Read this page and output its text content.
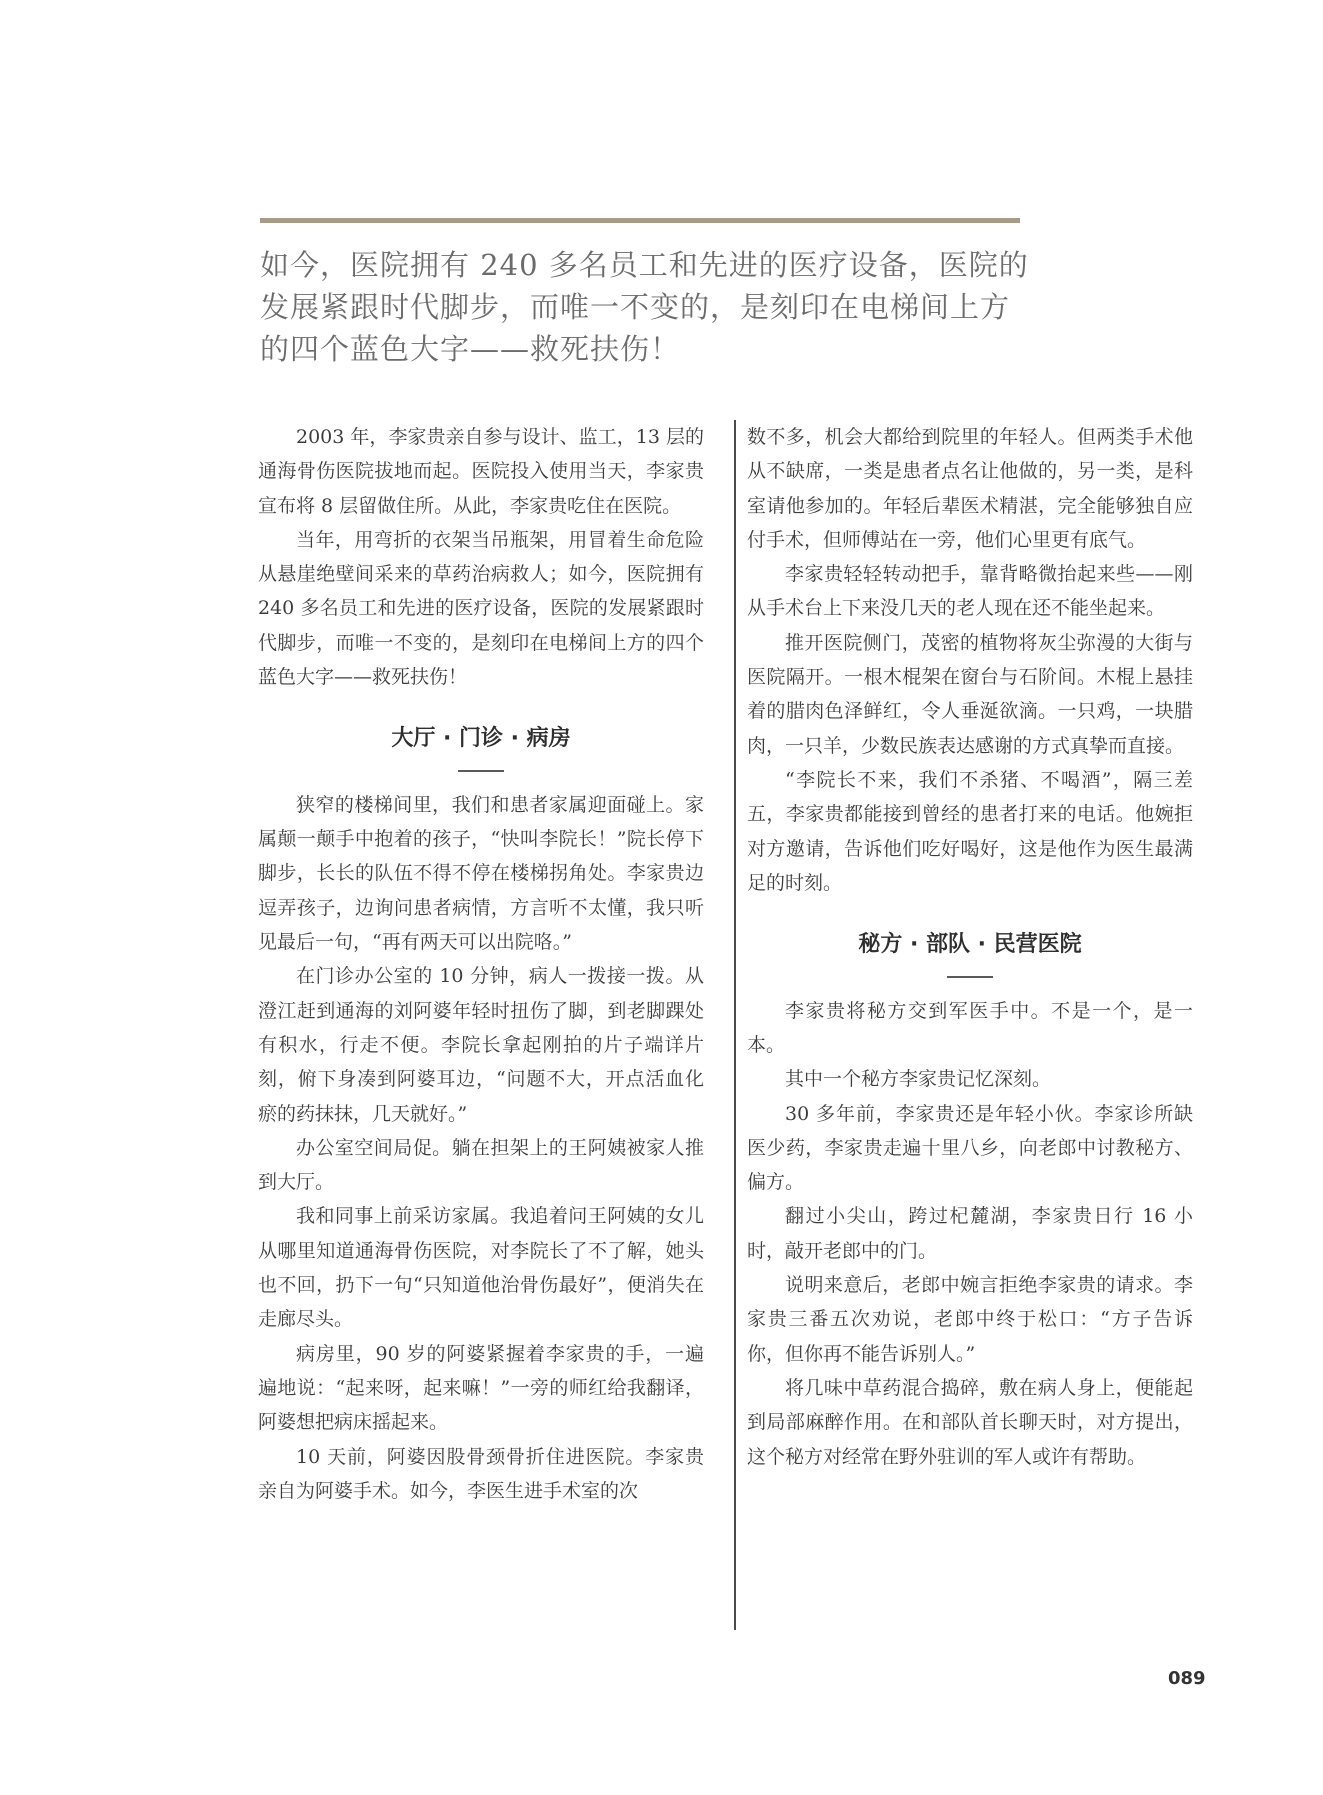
如今，医院拥有 240 多名员工和先进的医疗设备，医院的发展紧跟时代脚步，而唯一不变的，是刻印在电梯间上方的四个蓝色大字——救死扶伤！

2003 年，李家贵亲自参与设计、监工，13 层的通海骨伤医院拔地而起。医院投入使用当天，李家贵宣布将 8 层留做住所。从此，李家贵吃住在医院。

当年，用弯折的衣架当吊瓶架，用冒着生命危险从悬崖绝壁间采来的草药治病救人；如今，医院拥有 240 多名员工和先进的医疗设备，医院的发展紧跟时代脚步，而唯一不变的，是刻印在电梯间上方的四个蓝色大字——救死扶伤！

大厅 · 门诊 · 病房

狭窄的楼梯间里，我们和患者家属迎面碰上。家属颠一颠手中抱着的孩子，“快叫李院长！”院长停下脚步，长长的队伍不得不停在楼梯拐角处。李家贵边逗弄孩子，边询问患者病情，方言听不太懂，我只听见最后一句，“再有两天可以出院咯。”

在门诊办公室的 10 分钟，病人一拨接一拨。从澄江赶到通海的刘阿婆年轻时扭伤了脚，到老脚踝处有积水，行走不便。李院长拿起刚拍的片子端详片刻，俯下身凑到阿婆耳边，“问题不大，开点活血化瘀的药抹抹，几天就好。”

办公室空间局促。躺在担架上的王阿姨被家人推到大厅。

我和同事上前采访家属。我追着问王阿姨的女儿从哪里知道通海骨伤医院，对李院长了不了解，她头也不回，扔下一句“只知道他治骨伤最好”，便消失在走廊尽头。

病房里，90 岁的阿婆紧握着李家贵的手，一遍遍地说：“起来呀，起来嘛！”一旁的师红给我翻译，阿婆想把病床摇起来。

10 天前，阿婆因股骨颈骨折住进医院。李家贵亲自为阿婆手术。如今，李医生进手术室的次

数不多，机会大都给到院里的年轻人。但两类手术他从不缺席，一类是患者点名让他做的，另一类，是科室请他参加的。年轻后辈医术精湛，完全能够独自应付手术，但师傅站在一旁，他们心里更有底气。

李家贵轻轻转动把手，靠背略微抬起来些——刚从手术台上下来没几天的老人现在还不能坐起来。

推开医院侧门，茂密的植物将灰尘弥漫的大街与医院隔开。一根木棍架在窗台与石阶间。木棍上悬挂着的腊肉色泽鲜红，令人垂涎欲滴。一只鸡，一块腊肉，一只羊，少数民族表达感谢的方式真挚而直接。

“李院长不来，我们不杀猪、不喝酒”，隔三差五，李家贵都能接到曾经的患者打来的电话。他婉拒对方邀请，告诉他们吃好喝好，这是他作为医生最满足的时刻。

秘方 · 部队 · 民营医院

李家贵将秘方交到军医手中。不是一个，是一本。

其中一个秘方李家贵记忆深刻。

30 多年前，李家贵还是年轻小伙。李家诊所缺医少药，李家贵走遍十里八乡，向老郎中讨教秘方、偏方。

翻过小尖山，跨过杞麓湖，李家贵日行 16 小时，敲开老郎中的门。

说明来意后，老郎中婉言拒绝李家贵的请求。李家贵三番五次劝说，老郎中终于松口：“方子告诉你，但你再不能告诉别人。”

将几味中草药混合捣碎，敷在病人身上，便能起到局部麻醉作用。在和部队首长聊天时，对方提出，这个秘方对经常在野外驻训的军人或许有帮助。

089
